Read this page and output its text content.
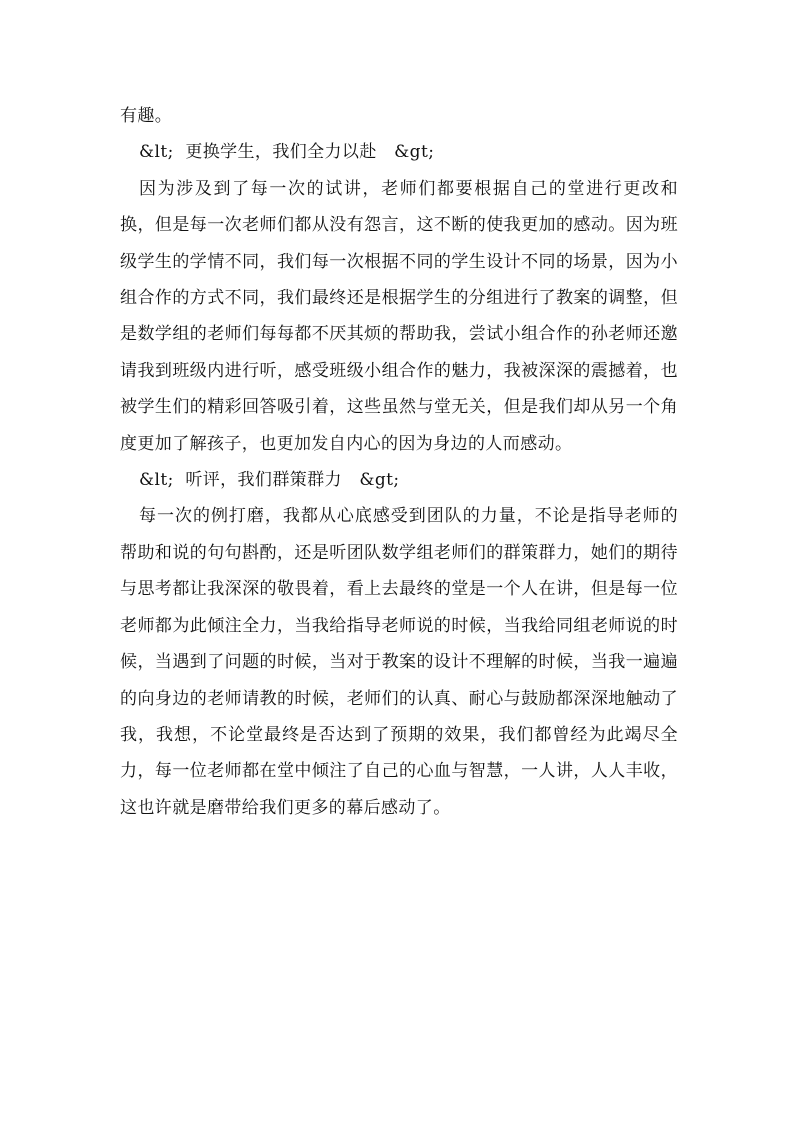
有趣。

&lt;  更换学生，我们全力以赴   &gt;

因为涉及到了每一次的试讲，老师们都要根据自己的堂进行更改和换，但是每一次老师们都从没有怨言，这不断的使我更加的感动。因为班级学生的学情不同，我们每一次根据不同的学生设计不同的场景，因为小组合作的方式不同，我们最终还是根据学生的分组进行了教案的调整，但是数学组的老师们每每都不厌其烦的帮助我，尝试小组合作的孙老师还邀请我到班级内进行听，感受班级小组合作的魅力，我被深深的震撼着，也被学生们的精彩回答吸引着，这些虽然与堂无关，但是我们却从另一个角度更加了解孩子，也更加发自内心的因为身边的人而感动。

&lt;  听评，我们群策群力   &gt;

每一次的例打磨，我都从心底感受到团队的力量，不论是指导老师的帮助和说的句句斟酌，还是听团队数学组老师们的群策群力，她们的期待与思考都让我深深的敬畏着，看上去最终的堂是一个人在讲，但是每一位老师都为此倾注全力，当我给指导老师说的时候，当我给同组老师说的时候，当遇到了问题的时候，当对于教案的设计不理解的时候，当我一遍遍的向身边的老师请教的时候，老师们的认真、耐心与鼓励都深深地触动了我，我想，不论堂最终是否达到了预期的效果，我们都曾经为此竭尽全力，每一位老师都在堂中倾注了自己的心血与智慧，一人讲，人人丰收，这也许就是磨带给我们更多的幕后感动了。
